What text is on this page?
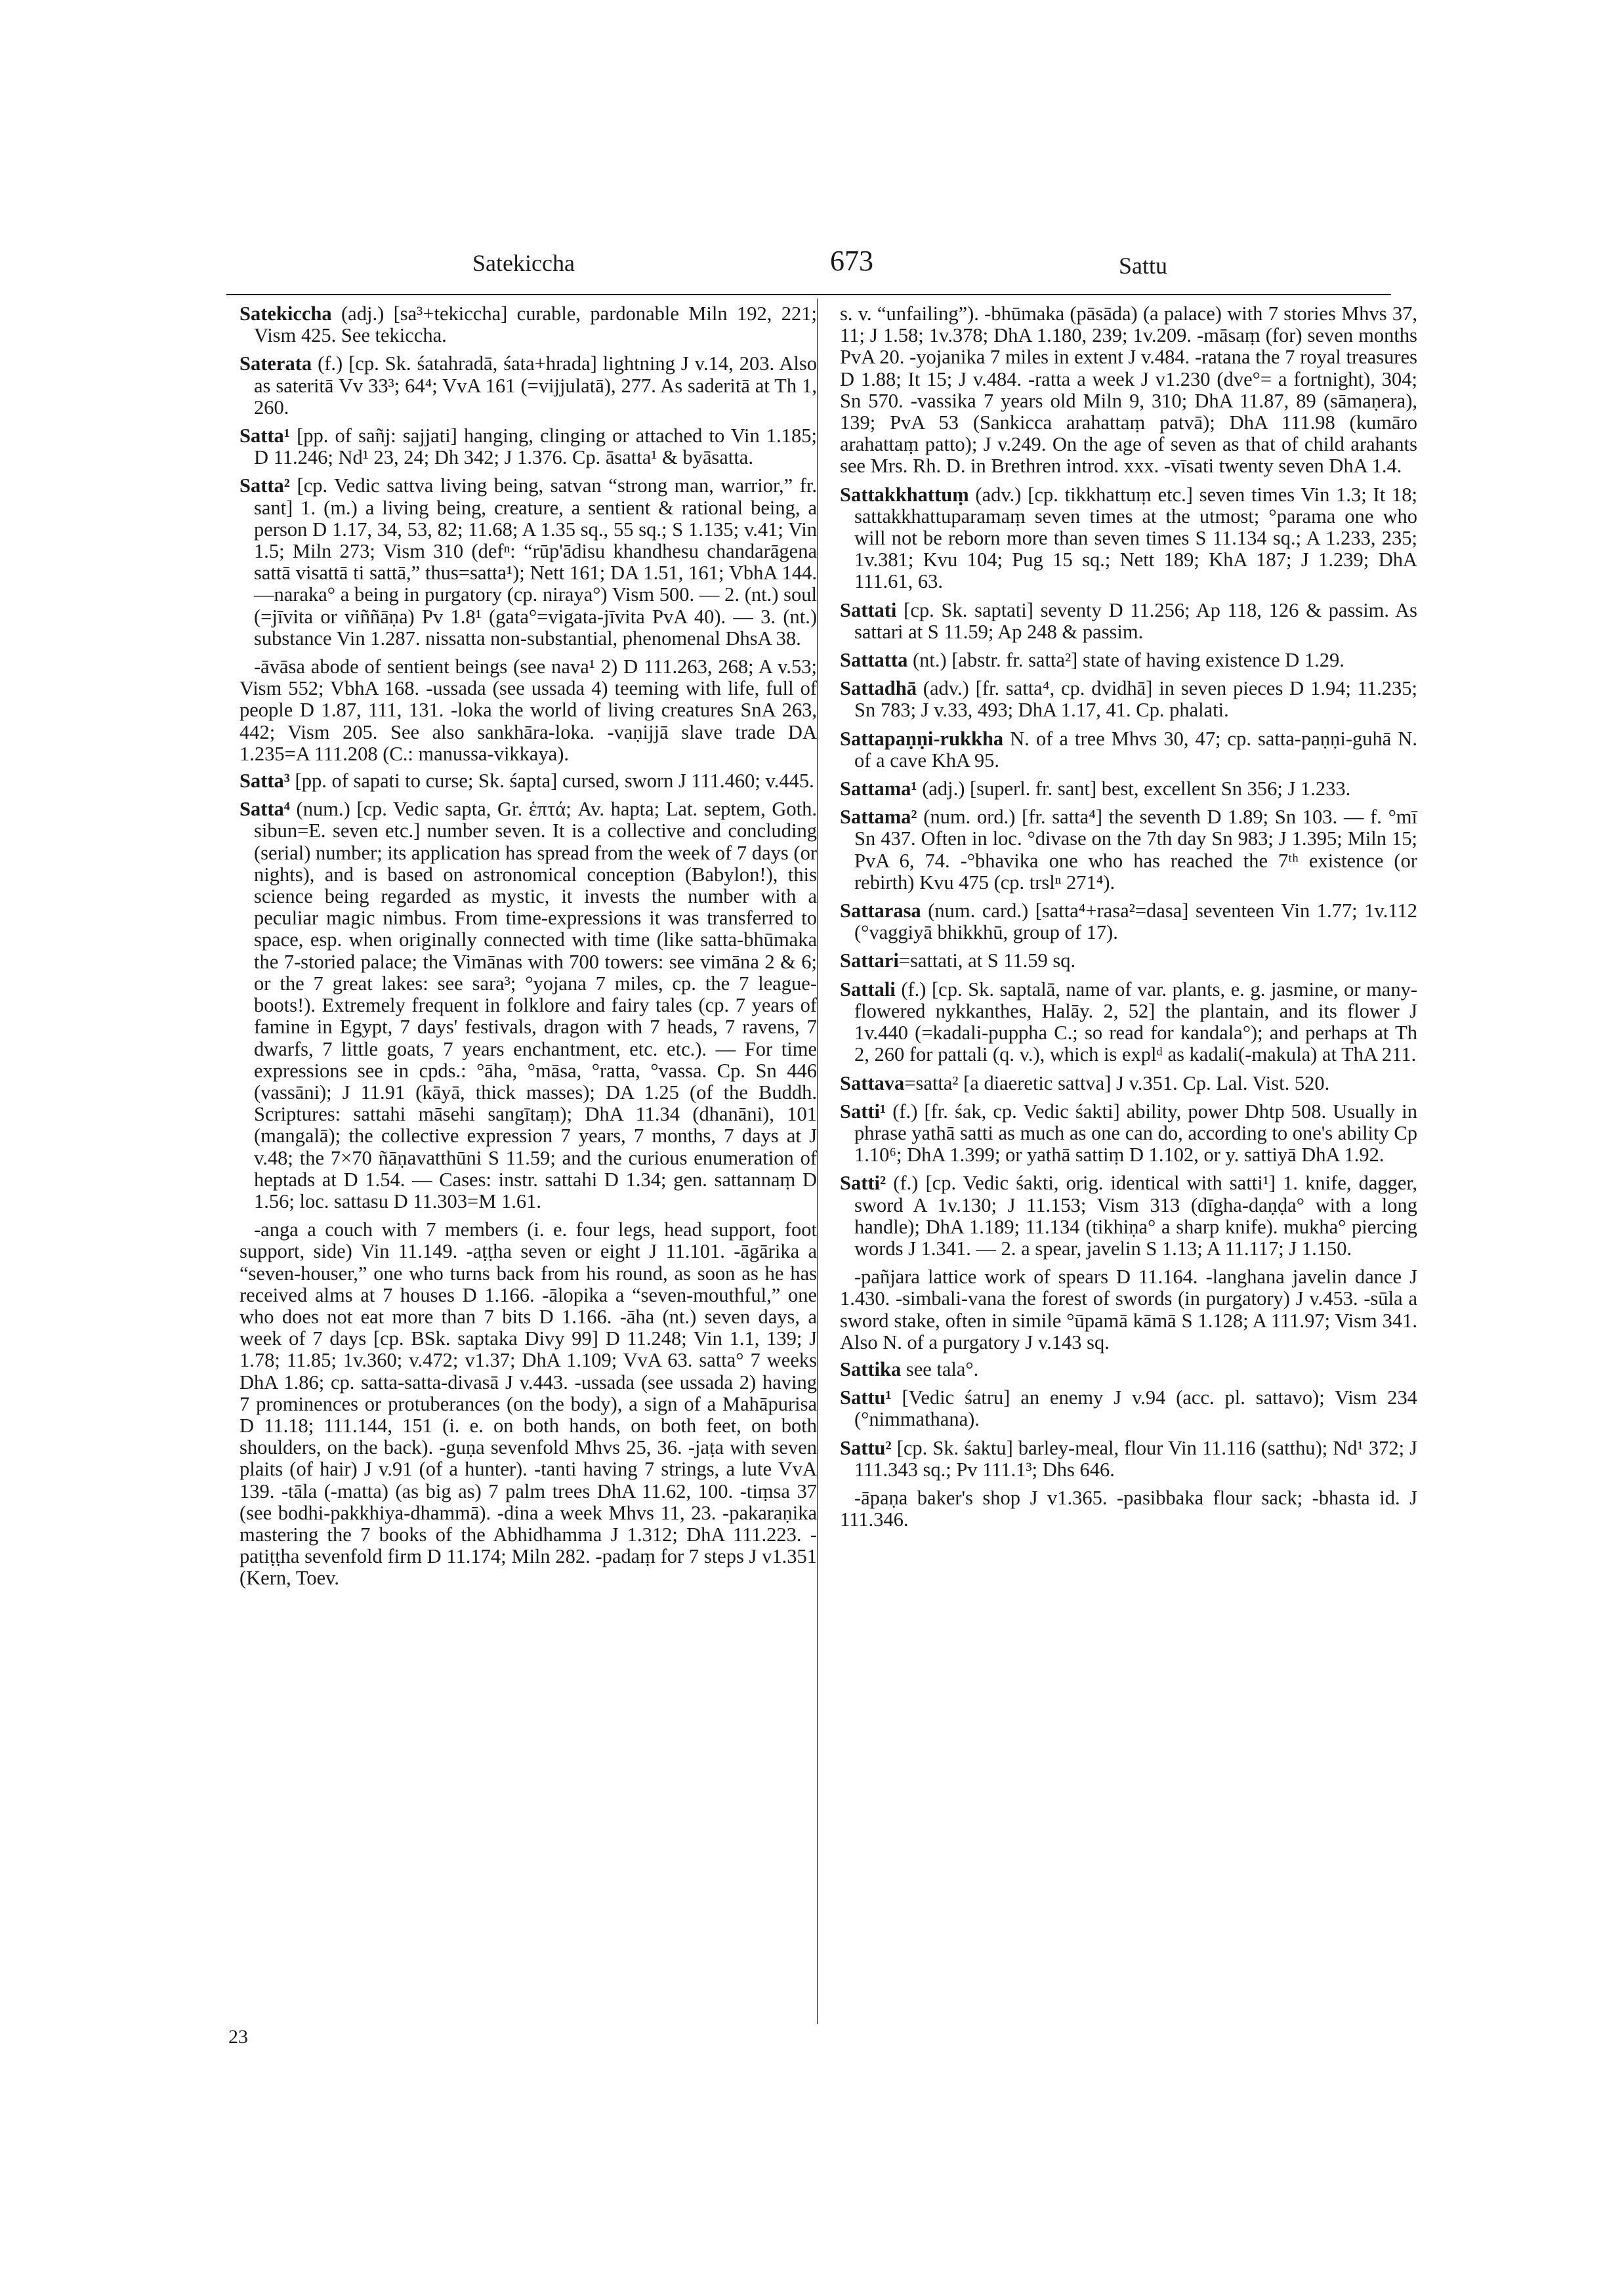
Satekiccha	673	Sattu

Satekiccha (adj.) [sa³+tekiccha] curable, pardonable Miln 192, 221; Vism 425. See tekiccha.

Saterata (f.) [cp. Sk. śatahradā, śata+hrada] lightning J v.14, 203. Also as sateritā Vv 33³; 64⁴; VvA 161 (=vijjulatā), 277. As saderitā at Th 1, 260.

Satta¹ [pp. of sañj: sajjati] hanging, clinging or attached to Vin 1.185; D 11.246; Nd¹ 23, 24; Dh 342; J 1.376. Cp. āsatta¹ & byāsatta.

Satta² [cp. Vedic sattva living being, satvan “strong man, warrior,” fr. sant] 1. (m.) a living being, creature, a sentient & rational being, a person D 1.17, 34, 53, 82; 11.68; A 1.35 sq., 55 sq.; S 1.135; v.41; Vin 1.5; Miln 273; Vism 310 (defⁿ: “rūp'ādisu khandhesu chandarāgena sattā visattā ti sattā,” thus=satta¹); Nett 161; DA 1.51, 161; VbhA 144. —naraka° a being in purgatory (cp. niraya°) Vism 500. — 2. (nt.) soul (=jīvita or viññāṇa) Pv 1.8¹ (gata°=vigata-jīvita PvA 40). — 3. (nt.) substance Vin 1.287. nissatta non-substantial, phenomenal DhsA 38.

-āvāsa abode of sentient beings (see nava¹ 2) D 111.263, 268; A v.53; Vism 552; VbhA 168. -ussada (see ussada 4) teeming with life, full of people D 1.87, 111, 131. -loka the world of living creatures SnA 263, 442; Vism 205. See also sankhāra-loka. -vaṇijjā slave trade DA 1.235=A 111.208 (C.: manussa-vikkaya).

Satta³ [pp. of sapati to curse; Sk. śapta] cursed, sworn J 111.460; v.445.

Satta⁴ (num.) [cp. Vedic sapta, Gr. ἑπτά; Av. hapta; Lat. septem, Goth. sibun=E. seven etc.] number seven. It is a collective and concluding (serial) number; its application has spread from the week of 7 days (or nights), and is based on astronomical conception (Babylon!), this science being regarded as mystic, it invests the number with a peculiar magic nimbus. From time-expressions it was transferred to space, esp. when originally connected with time (like satta-bhūmaka the 7-storied palace; the Vimānas with 700 towers: see vimāna 2 & 6; or the 7 great lakes: see sara³; °yojana 7 miles, cp. the 7 league-boots!). Extremely frequent in folklore and fairy tales (cp. 7 years of famine in Egypt, 7 days' festivals, dragon with 7 heads, 7 ravens, 7 dwarfs, 7 little goats, 7 years enchantment, etc. etc.). — For time expressions see in cpds.: °āha, °māsa, °ratta, °vassa. Cp. Sn 446 (vassāni); J 11.91 (kāyā, thick masses); DA 1.25 (of the Buddh. Scriptures: sattahi māsehi sangītaṃ); DhA 11.34 (dhanāni), 101 (mangalā); the collective expression 7 years, 7 months, 7 days at J v.48; the 7×70 ñāṇavatthūni S 11.59; and the curious enumeration of heptads at D 1.54. — Cases: instr. sattahi D 1.34; gen. sattannaṃ D 1.56; loc. sattasu D 11.303=M 1.61.

-anga a couch with 7 members (i. e. four legs, head support, foot support, side) Vin 11.149. -aṭṭha seven or eight J 11.101. -āgārika a “seven-houser,” one who turns back from his round, as soon as he has received alms at 7 houses D 1.166. -ālopika a “seven-mouthful,” one who does not eat more than 7 bits D 1.166. -āha (nt.) seven days, a week of 7 days [cp. BSk. saptaka Divy 99] D 11.248; Vin 1.1, 139; J 1.78; 11.85; 1v.360; v.472; v1.37; DhA 1.109; VvA 63. satta° 7 weeks DhA 1.86; cp. satta-satta-divasā J v.443. -ussada (see ussada 2) having 7 prominences or protuberances (on the body), a sign of a Mahāpurisa D 11.18; 111.144, 151 (i. e. on both hands, on both feet, on both shoulders, on the back). -guṇa sevenfold Mhvs 25, 36. -jaṭa with seven plaits (of hair) J v.91 (of a hunter). -tanti having 7 strings, a lute VvA 139. -tāla (-matta) (as big as) 7 palm trees DhA 11.62, 100. -tiṃsa 37 (see bodhi-pakkhiya-dhammā). -dina a week Mhvs 11, 23. -pakaraṇika mastering the 7 books of the Abhidhamma J 1.312; DhA 111.223. -patiṭṭha sevenfold firm D 11.174; Miln 282. -padaṃ for 7 steps J v1.351 (Kern, Toev.

s. v. “unfailing”). -bhūmaka (pāsāda) (a palace) with 7 stories Mhvs 37, 11; J 1.58; 1v.378; DhA 1.180, 239; 1v.209. -māsaṃ (for) seven months PvA 20. -yojanika 7 miles in extent J v.484. -ratana the 7 royal treasures D 1.88; It 15; J v.484. -ratta a week J v1.230 (dve°= a fortnight), 304; Sn 570. -vassika 7 years old Miln 9, 310; DhA 11.87, 89 (sāmaṇera), 139; PvA 53 (Sankicca arahattaṃ patvā); DhA 111.98 (kumāro arahattaṃ patto); J v.249. On the age of seven as that of child arahants see Mrs. Rh. D. in Brethren introd. xxx. -vīsati twenty seven DhA 1.4.

Sattakkhattuṃ (adv.) [cp. tikkhattuṃ etc.] seven times Vin 1.3; It 18; sattakkhattuparamaṃ seven times at the utmost; °parama one who will not be reborn more than seven times S 11.134 sq.; A 1.233, 235; 1v.381; Kvu 104; Pug 15 sq.; Nett 189; KhA 187; J 1.239; DhA 111.61, 63.

Sattati [cp. Sk. saptati] seventy D 11.256; Ap 118, 126 & passim. As sattari at S 11.59; Ap 248 & passim.

Sattatta (nt.) [abstr. fr. satta²] state of having existence D 1.29.

Sattadhā (adv.) [fr. satta⁴, cp. dvidhā] in seven pieces D 1.94; 11.235; Sn 783; J v.33, 493; DhA 1.17, 41. Cp. phalati.

Sattapaṇṇi-rukkha N. of a tree Mhvs 30, 47; cp. satta-paṇṇi-guhā N. of a cave KhA 95.

Sattama¹ (adj.) [superl. fr. sant] best, excellent Sn 356; J 1.233.

Sattama² (num. ord.) [fr. satta⁴] the seventh D 1.89; Sn 103. — f. °mī Sn 437. Often in loc. °divase on the 7th day Sn 983; J 1.395; Miln 15; PvA 6, 74. -°bhavika one who has reached the 7ᵗʰ existence (or rebirth) Kvu 475 (cp. trslⁿ 271⁴).

Sattarasa (num. card.) [satta⁴+rasa²=dasa] seventeen Vin 1.77; 1v.112 (°vaggiyā bhikkhū, group of 17).

Sattari=sattati, at S 11.59 sq.

Sattali (f.) [cp. Sk. saptalā, name of var. plants, e. g. jasmine, or many-flowered nykkanthes, Halāy. 2, 52] the plantain, and its flower J 1v.440 (=kadali-puppha C.; so read for kandala°); and perhaps at Th 2, 260 for pattali (q. v.), which is explᵈ as kadali(-makula) at ThA 211.

Sattava=satta² [a diaeretic sattva] J v.351. Cp. Lal. Vist. 520.

Satti¹ (f.) [fr. śak, cp. Vedic śakti] ability, power Dhtp 508. Usually in phrase yathā satti as much as one can do, according to one's ability Cp 1.10⁶; DhA 1.399; or yathā sattiṃ D 1.102, or y. sattiyā DhA 1.92.

Satti² (f.) [cp. Vedic śakti, orig. identical with satti¹] 1. knife, dagger, sword A 1v.130; J 11.153; Vism 313 (dīgha-daṇḍa° with a long handle); DhA 1.189; 11.134 (tikhiṇa° a sharp knife). mukha° piercing words J 1.341. — 2. a spear, javelin S 1.13; A 11.117; J 1.150.

-pañjara lattice work of spears D 11.164. -langhana javelin dance J 1.430. -simbali-vana the forest of swords (in purgatory) J v.453. -sūla a sword stake, often in simile °ūpamā kāmā S 1.128; A 111.97; Vism 341. Also N. of a purgatory J v.143 sq.

Sattika see tala°.

Sattu¹ [Vedic śatru] an enemy J v.94 (acc. pl. sattavo); Vism 234 (°nimmathana).

Sattu² [cp. Sk. śaktu] barley-meal, flour Vin 11.116 (satthu); Nd¹ 372; J 111.343 sq.; Pv 111.1³; Dhs 646.

-āpaṇa baker's shop J v1.365. -pasibbaka flour sack; -bhasta id. J 111.346.

23
